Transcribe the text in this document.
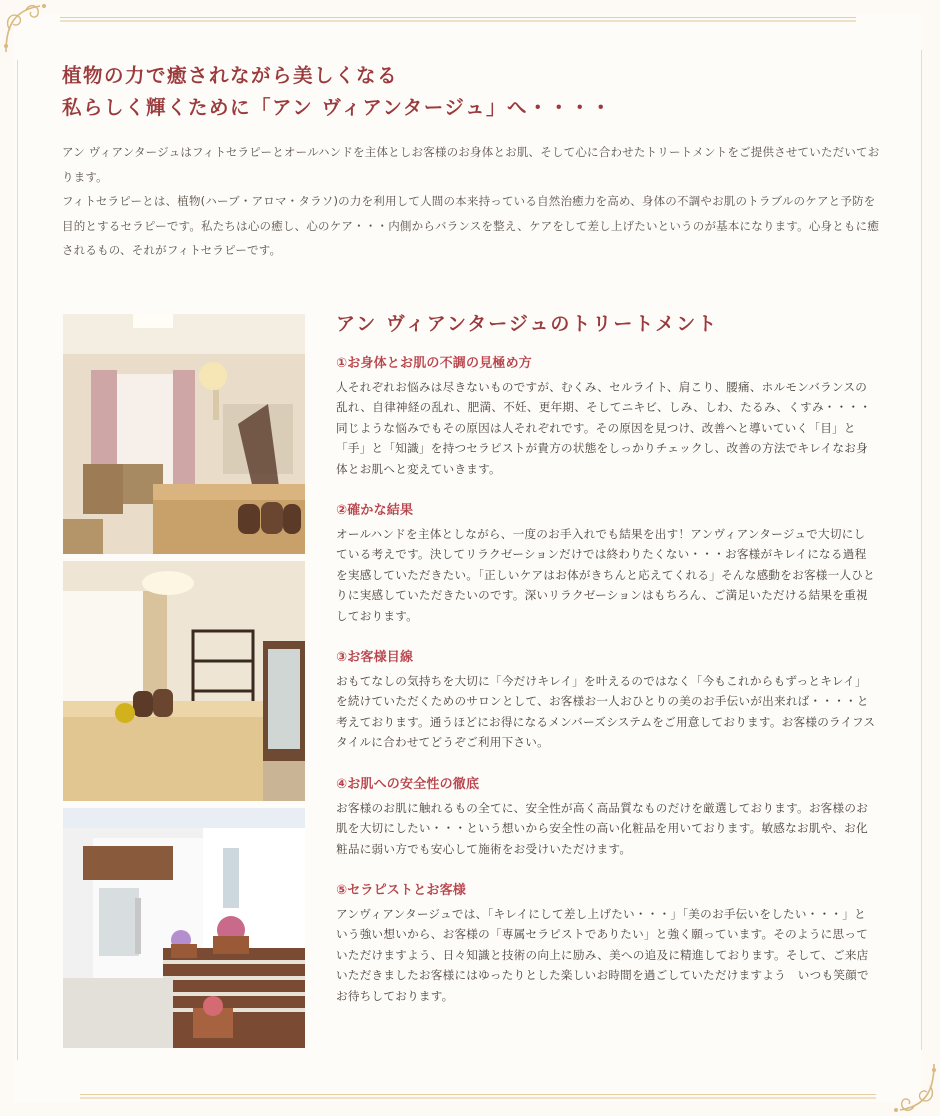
植物の力で癒されながら美しくなる
私らしく輝くために「アン ヴィアンタージュ」へ・・・・

アン ヴィアンタージュはフィトセラピーとオールハンドを主体としお客様のお身体とお肌、そして心に合わせたトリートメントをご提供させていただいております。

フィトセラピーとは、植物(ハーブ・アロマ・タラソ)の力を利用して人間の本来持っている自然治癒力を高め、身体の不調やお肌のトラブルのケアと予防を目的とするセラピーです。私たちは心の癒し、心のケア・・・内側からバランスを整え、ケアをして差し上げたいというのが基本になります。心身ともに癒されるもの、それがフィトセラピーです。

アン ヴィアンタージュのトリートメント
①お身体とお肌の不調の見極め方

人それぞれお悩みは尽きないものですが、むくみ、セルライト、肩こり、腰痛、ホルモンバランスの乱れ、自律神経の乱れ、肥満、不妊、更年期、そしてニキビ、しみ、しわ、たるみ、くすみ・・・・同じような悩みでもその原因は人それぞれです。その原因を見つけ、改善へと導いていく「目」と「手」と「知識」を持つセラピストが貴方の状態をしっかりチェックし、改善の方法でキレイなお身体とお肌へと変えていきます。

②確かな結果

オールハンドを主体としながら、一度のお手入れでも結果を出す！アンヴィアンタージュで大切にしている考えです。決してリラクゼーションだけでは終わりたくない・・・お客様がキレイになる過程を実感していただきたい。「正しいケアはお体がきちんと応えてくれる」そんな感動をお客様一人ひとりに実感していただきたいのです。深いリラクゼーションはもちろん、ご満足いただける結果を重視しております。

③お客様目線

おもてなしの気持ちを大切に「今だけキレイ」を叶えるのではなく「今もこれからもずっとキレイ」を続けていただくためのサロンとして、お客様お一人おひとりの美のお手伝いが出来れば・・・・と考えております。通うほどにお得になるメンバーズシステムをご用意しております。お客様のライフスタイルに合わせてどうぞご利用下さい。

④お肌への安全性の徹底

お客様のお肌に触れるもの全てに、安全性が高く高品質なものだけを厳選しております。お客様のお肌を大切にしたい・・・という想いから安全性の高い化粧品を用いております。敏感なお肌や、お化粧品に弱い方でも安心して施術をお受けいただけます。

⑤セラピストとお客様

アンヴィアンタージュでは、「キレイにして差し上げたい・・・」「美のお手伝いをしたい・・・」という強い想いから、お客様の「専属セラピストでありたい」と強く願っています。そのように思っていただけますよう、日々知識と技術の向上に励み、美への追及に精進しております。そして、ご来店いただきましたお客様にはゆったりとした楽しいお時間を過ごしていただけますよう　いつも笑顔でお待ちしております。
